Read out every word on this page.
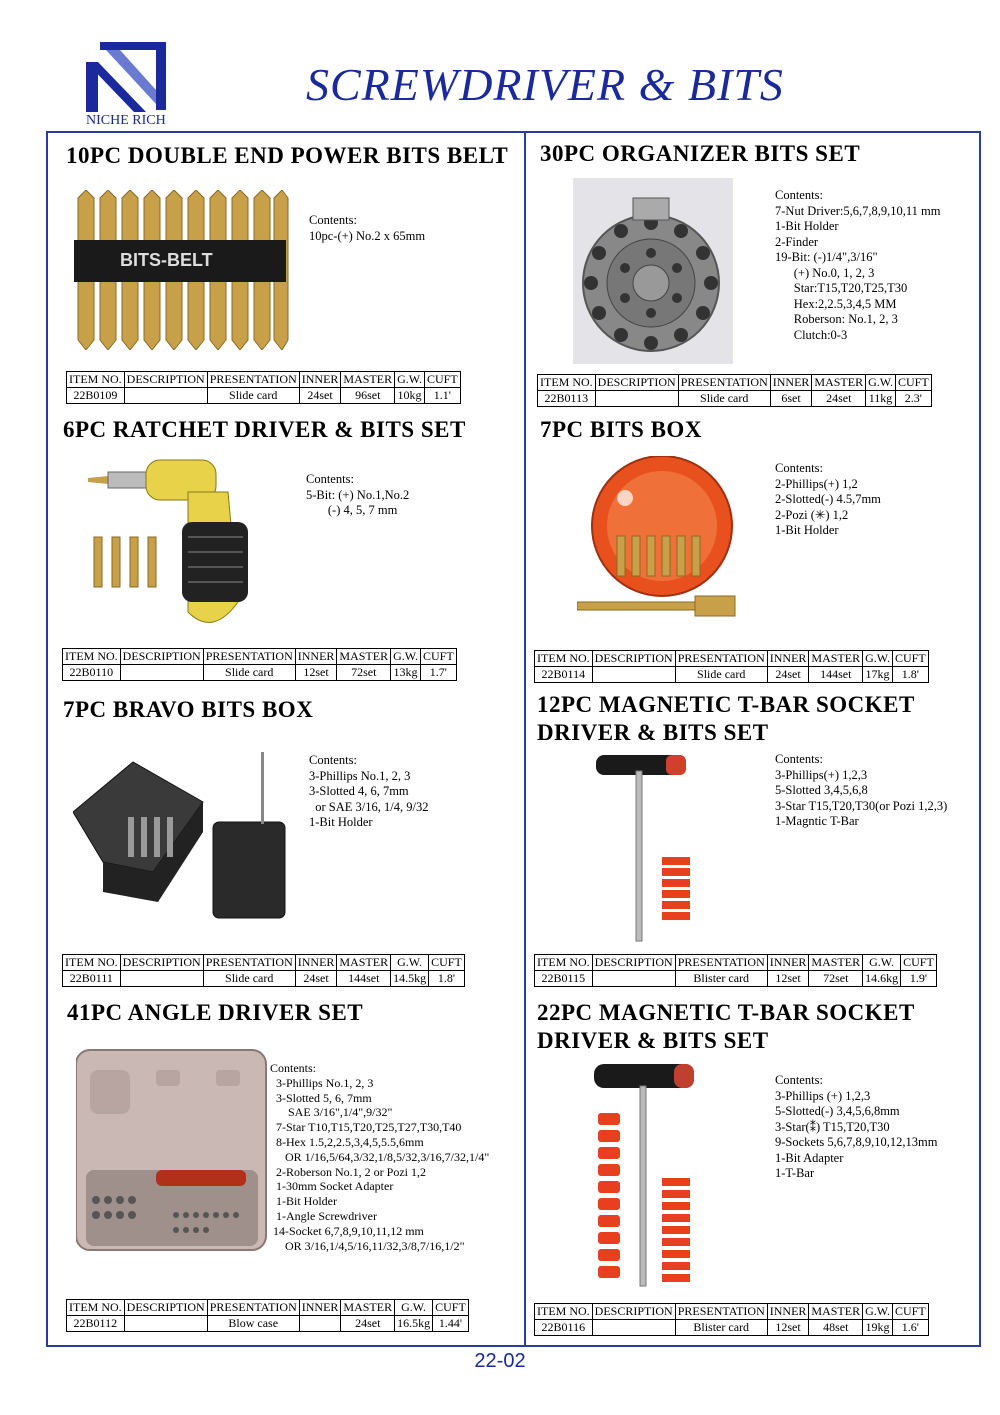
NICHE RICH
SCREWDRIVER & BITS
10PC DOUBLE END POWER BITS BELT
BITS-BELT
Contents:
10pc-(+) No.2 x 65mm
ITEM NO.	DESCRIPTION	PRESENTATION	INNER	MASTER	G.W.	CUFT
22B0109		Slide card	24set	96set	10kg	1.1'
30PC ORGANIZER BITS SET
Contents:
7-Nut Driver:5,6,7,8,9,10,11 mm
1-Bit Holder
2-Finder
19-Bit: (-)1/4",3/16"
(+) No.0, 1, 2, 3
Star:T15,T20,T25,T30
Hex:2,2.5,3,4,5 MM
Roberson: No.1, 2, 3
Clutch:0-3
ITEM NO.	DESCRIPTION	PRESENTATION	INNER	MASTER	G.W.	CUFT
22B0113		Slide card	6set	24set	11kg	2.3'
6PC RATCHET DRIVER & BITS SET
Contents:
5-Bit: (+) No.1,No.2
(-) 4, 5, 7 mm
ITEM NO.	DESCRIPTION	PRESENTATION	INNER	MASTER	G.W.	CUFT
22B0110		Slide card	12set	72set	13kg	1.7'
7PC BITS BOX
Contents:
2-Phillips(+) 1,2
2-Slotted(-) 4.5,7mm
2-Pozi (✳) 1,2
1-Bit Holder
ITEM NO.	DESCRIPTION	PRESENTATION	INNER	MASTER	G.W.	CUFT
22B0114		Slide card	24set	144set	17kg	1.8'
7PC BRAVO BITS BOX
Contents:
3-Phillips No.1, 2, 3
3-Slotted 4, 6, 7mm
or SAE 3/16, 1/4, 9/32
1-Bit Holder
ITEM NO.	DESCRIPTION	PRESENTATION	INNER	MASTER	G.W.	CUFT
22B0111		Slide card	24set	144set	14.5kg	1.8'
12PC MAGNETIC T-BAR SOCKET
DRIVER & BITS SET
Contents:
3-Phillips(+) 1,2,3
5-Slotted 3,4,5,6,8
3-Star T15,T20,T30(or Pozi 1,2,3)
1-Magntic T-Bar
ITEM NO.	DESCRIPTION	PRESENTATION	INNER	MASTER	G.W.	CUFT
22B0115		Blister card	12set	72set	14.6kg	1.9'
41PC ANGLE DRIVER SET
Contents:
3-Phillips No.1, 2, 3
3-Slotted 5, 6, 7mm
SAE 3/16",1/4",9/32"
7-Star T10,T15,T20,T25,T27,T30,T40
8-Hex 1.5,2,2.5,3,4,5,5.5,6mm
OR 1/16,5/64,3/32,1/8,5/32,3/16,7/32,1/4"
2-Roberson No.1, 2 or Pozi 1,2
1-30mm Socket Adapter
1-Bit Holder
1-Angle Screwdriver
14-Socket 6,7,8,9,10,11,12 mm
OR 3/16,1/4,5/16,11/32,3/8,7/16,1/2"
ITEM NO.	DESCRIPTION	PRESENTATION	INNER	MASTER	G.W.	CUFT
22B0112		Blow case		24set	16.5kg	1.44'
22PC MAGNETIC T-BAR SOCKET
DRIVER & BITS SET
Contents:
3-Phillips (+) 1,2,3
5-Slotted(-) 3,4,5,6,8mm
3-Star(⁑) T15,T20,T30
9-Sockets 5,6,7,8,9,10,12,13mm
1-Bit Adapter
1-T-Bar
ITEM NO.	DESCRIPTION	PRESENTATION	INNER	MASTER	G.W.	CUFT
22B0116		Blister card	12set	48set	19kg	1.6'
22-02
